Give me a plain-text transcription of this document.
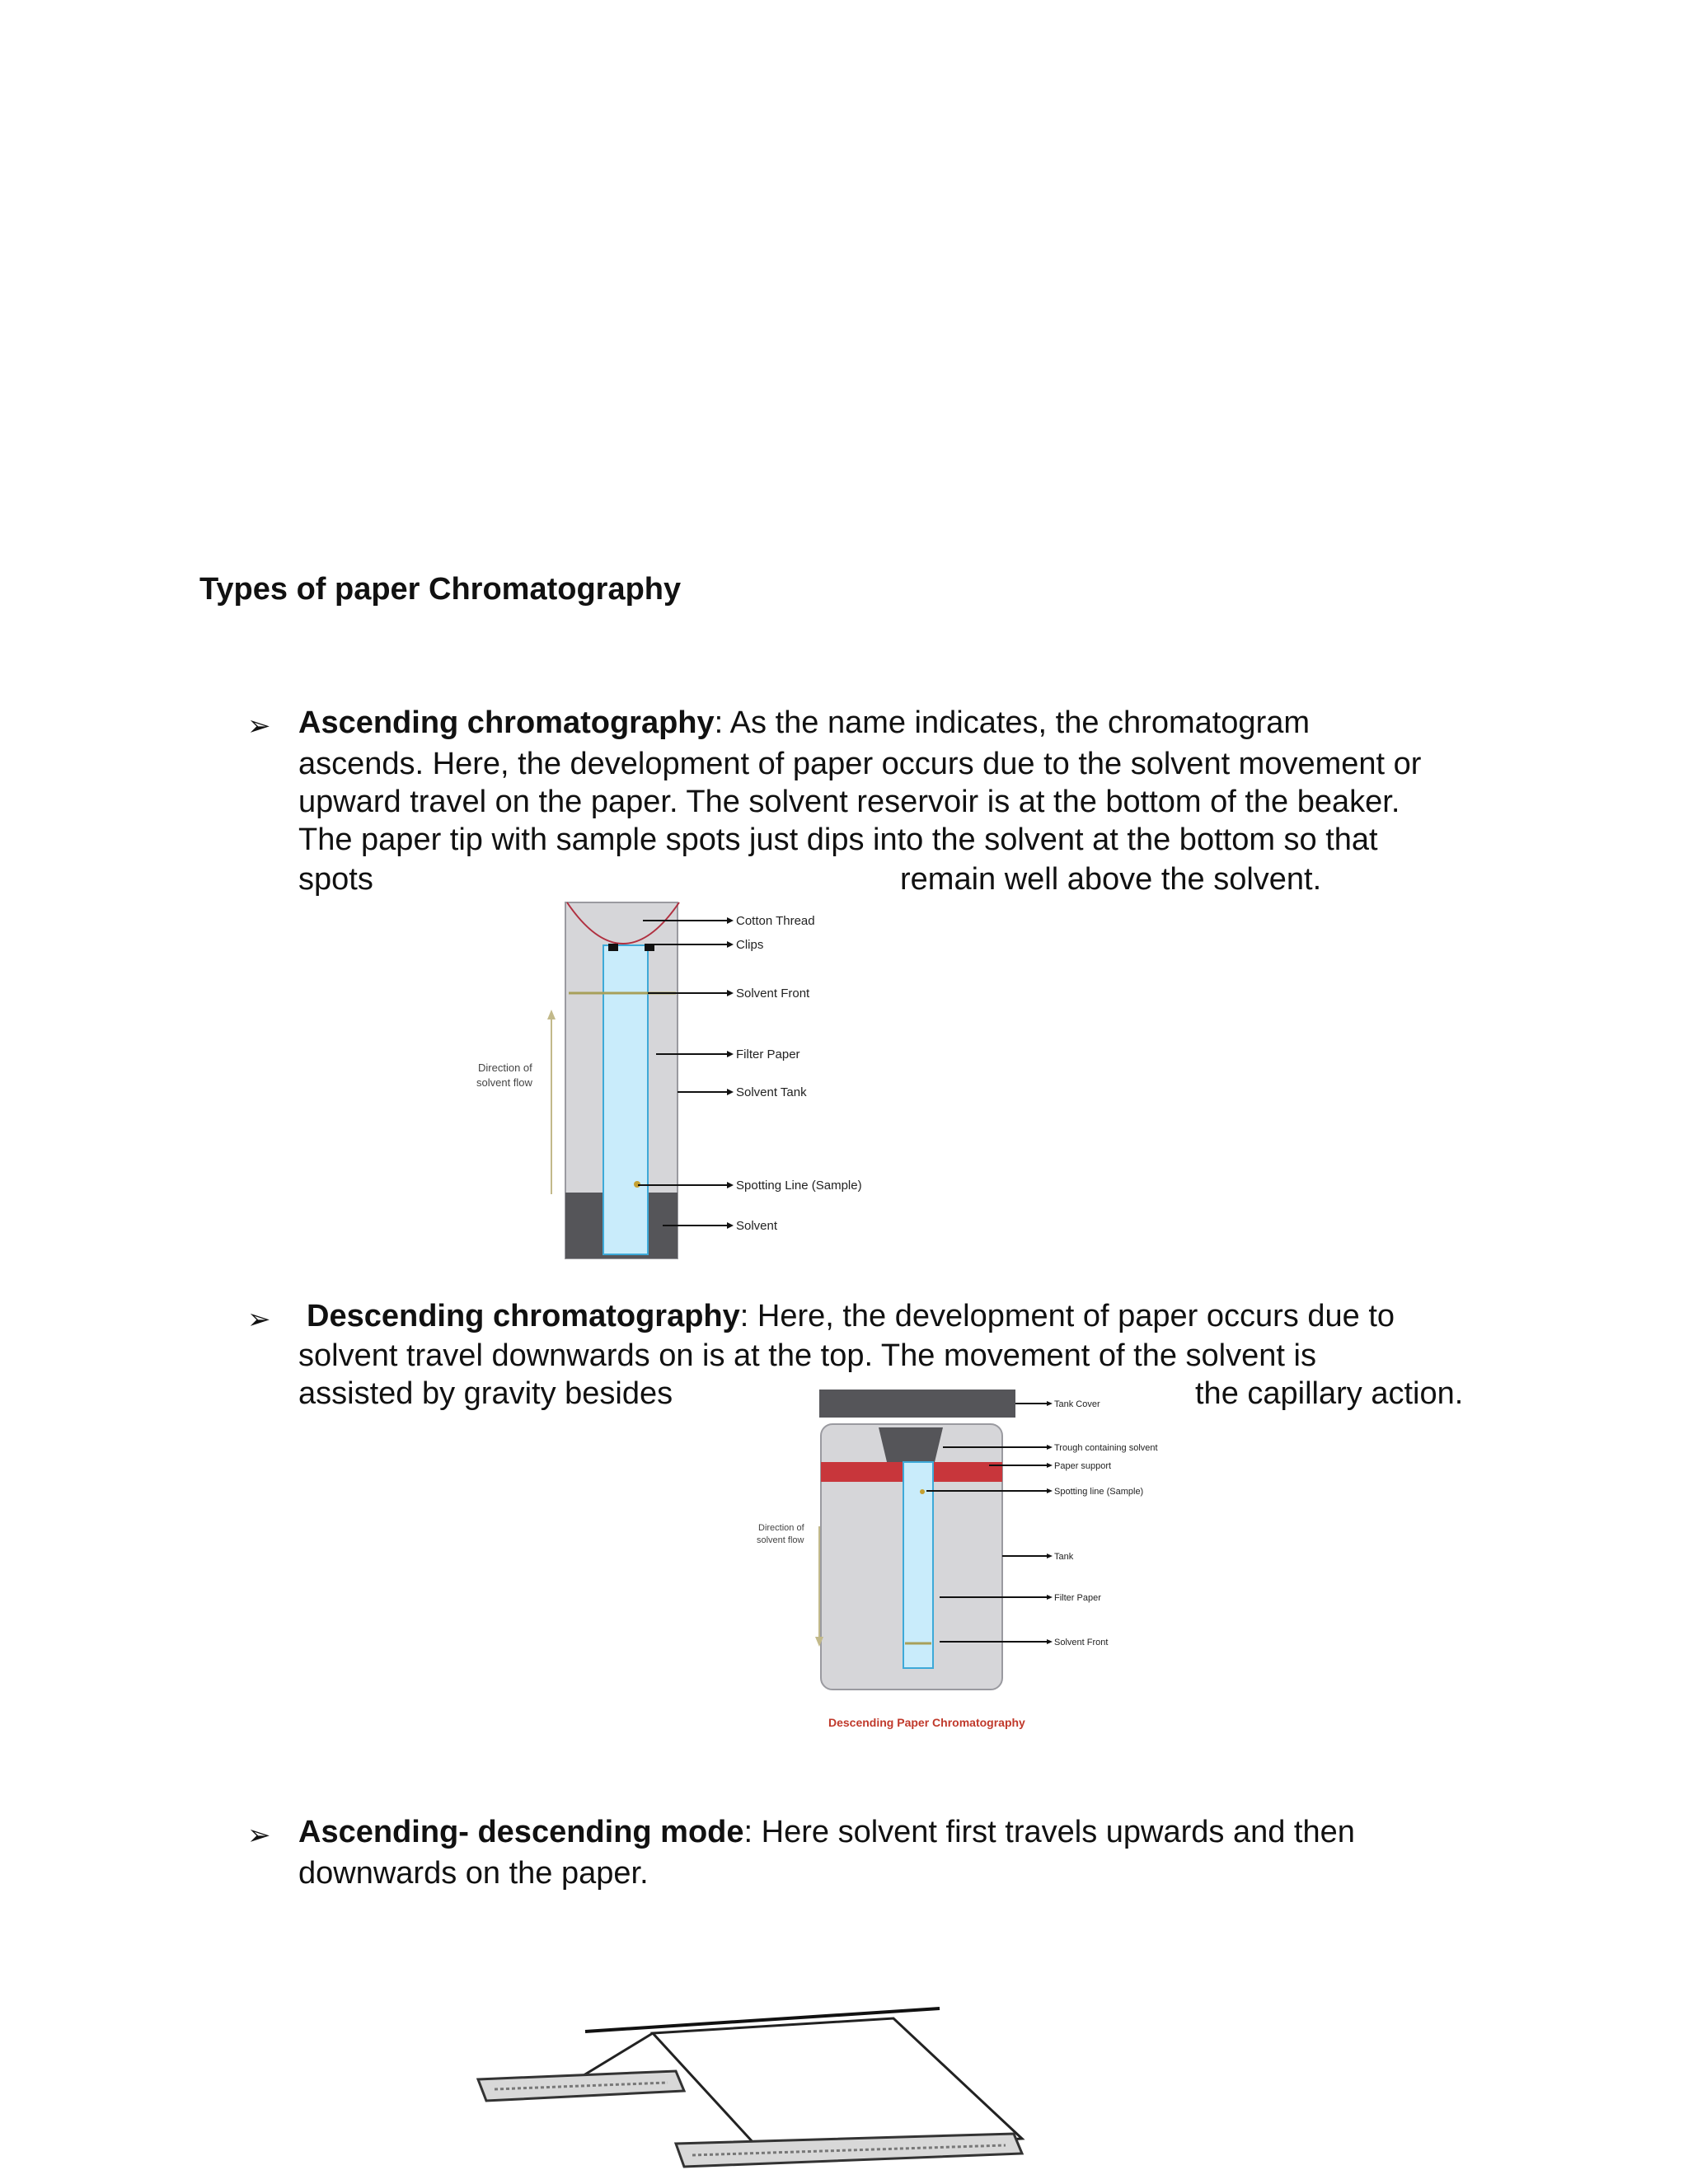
Types of paper Chromatography
➢ Ascending chromatography: As the name indicates, the chromatogram
ascends. Here, the development of paper occurs due to the solvent movement or
upward travel on the paper. The solvent reservoir is at the bottom of the beaker.
The paper tip with sample spots just dips into the solvent at the bottom so that
spots	remain well above the solvent.
Direction of
solvent flow
Cotton Thread
Clips
Solvent Front
Filter Paper
Solvent Tank
Spotting Line (Sample)
Solvent
➢ Descending chromatography: Here, the development of paper occurs due to
solvent travel downwards on is at the top. The movement of the solvent is
assisted by gravity besides	the capillary action.
Direction of
solvent flow
Tank Cover
Trough containing solvent
Paper support
Spotting line (Sample)
Tank
Filter Paper
Solvent Front
Descending Paper Chromatography
➢ Ascending- descending mode: Here solvent first travels upwards and then
downwards on the paper.
